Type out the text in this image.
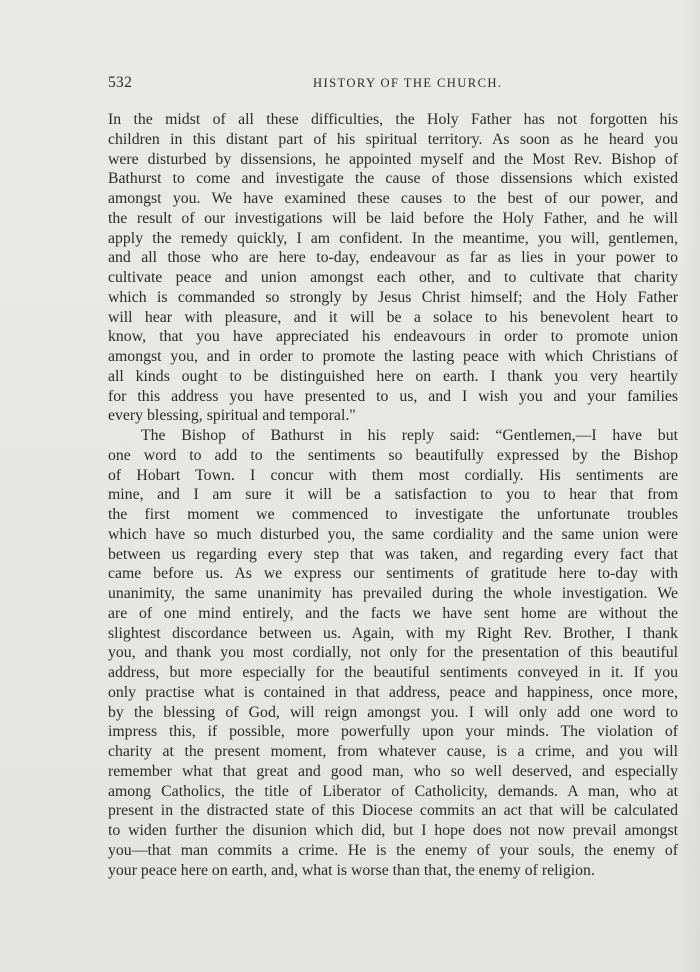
532	HISTORY OF THE CHURCH.
In the midst of all these difficulties, the Holy Father has not forgotten his
children in this distant part of his spiritual territory. As soon as he heard you
were disturbed by dissensions, he appointed myself and the Most Rev. Bishop of
Bathurst to come and investigate the cause of those dissensions which existed
amongst you. We have examined these causes to the best of our power, and
the result of our investigations will be laid before the Holy Father, and he will
apply the remedy quickly, I am confident. In the meantime, you will, gentlemen,
and all those who are here to-day, endeavour as far as lies in your power to
cultivate peace and union amongst each other, and to cultivate that charity
which is commanded so strongly by Jesus Christ himself; and the Holy Father
will hear with pleasure, and it will be a solace to his benevolent heart to
know, that you have appreciated his endeavours in order to promote union
amongst you, and in order to promote the lasting peace with which Christians of
all kinds ought to be distinguished here on earth. I thank you very heartily
for this address you have presented to us, and I wish you and your families
every blessing, spiritual and temporal."
The Bishop of Bathurst in his reply said: “Gentlemen,—I have but
one word to add to the sentiments so beautifully expressed by the Bishop
of Hobart Town. I concur with them most cordially. His sentiments are
mine, and I am sure it will be a satisfaction to you to hear that from
the first moment we commenced to investigate the unfortunate troubles
which have so much disturbed you, the same cordiality and the same union were
between us regarding every step that was taken, and regarding every fact that
came before us. As we express our sentiments of gratitude here to-day with
unanimity, the same unanimity has prevailed during the whole investigation. We
are of one mind entirely, and the facts we have sent home are without the
slightest discordance between us. Again, with my Right Rev. Brother, I thank
you, and thank you most cordially, not only for the presentation of this beautiful
address, but more especially for the beautiful sentiments conveyed in it. If you
only practise what is contained in that address, peace and happiness, once more,
by the blessing of God, will reign amongst you. I will only add one word to
impress this, if possible, more powerfully upon your minds. The violation of
charity at the present moment, from whatever cause, is a crime, and you will
remember what that great and good man, who so well deserved, and especially
among Catholics, the title of Liberator of Catholicity, demands. A man, who at
present in the distracted state of this Diocese commits an act that will be calculated
to widen further the disunion which did, but I hope does not now prevail amongst
you—that man commits a crime. He is the enemy of your souls, the enemy of
your peace here on earth, and, what is worse than that, the enemy of religion.
